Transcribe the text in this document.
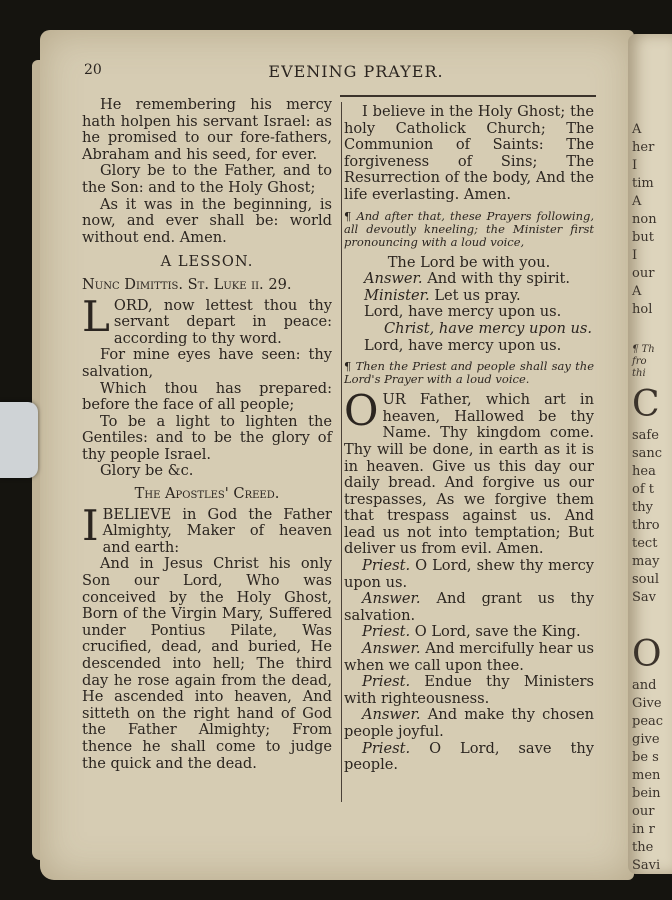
A
her
I
tim
A
non
but
I
our
A
hol
¶ Th
fro
thi
C
safe
sanc
hea
of t
thy
thro
tect
may
soul
Sav
O
and
Give
peac
give
be s
men
bein
our
in r
the
Savi
20	EVENING PRAYER.

He remembering his mercy hath holpen his servant Israel: as he promised to our fore-fathers, Abraham and his seed, for ever.

Glory be to the Father, and to the Son: and to the Holy Ghost;

As it was in the beginning, is now, and ever shall be: world without end. Amen.

A LESSON.
Nunc Dimittis. St. Luke ii. 29.

LORD, now lettest thou thy servant depart in peace: according to thy word.

For mine eyes have seen: thy salvation,

Which thou has prepared: before the face of all people;

To be a light to lighten the Gentiles: and to be the glory of thy people Israel.

Glory be &c.

The Apostles' Creed.

IBELIEVE in God the Father Almighty, Maker of heaven and earth:

And in Jesus Christ his only Son our Lord, Who was conceived by the Holy Ghost, Born of the Virgin Mary, Suffered under Pontius Pilate, Was crucified, dead, and buried, He descended into hell; The third day he rose again from the dead, He ascended into heaven, And sitteth on the right hand of God the Father Almighty; From thence he shall come to judge the quick and the dead.

I believe in the Holy Ghost; the holy Catholick Church; The Communion of Saints: The forgiveness of Sins; The Resurrection of the body, And the life everlasting. Amen.

¶ And after that, these Prayers following, all devoutly kneeling; the Minister first pronouncing with a loud voice,

The Lord be with you.

Answer. And with thy spirit.

Minister. Let us pray.

Lord, have mercy upon us.

Christ, have mercy upon us.

Lord, have mercy upon us.

¶ Then the Priest and people shall say the Lord's Prayer with a loud voice.

OUR Father, which art in heaven, Hallowed be thy Name. Thy kingdom come. Thy will be done, in earth as it is in heaven. Give us this day our daily bread. And forgive us our trespasses, As we forgive them that trespass against us. And lead us not into temptation; But deliver us from evil. Amen.

Priest. O Lord, shew thy mercy upon us.

Answer. And grant us thy salvation.

Priest. O Lord, save the King.

Answer. And mercifully hear us when we call upon thee.

Priest. Endue thy Ministers with righteousness.

Answer. And make thy chosen people joyful.

Priest. O Lord, save thy people.
